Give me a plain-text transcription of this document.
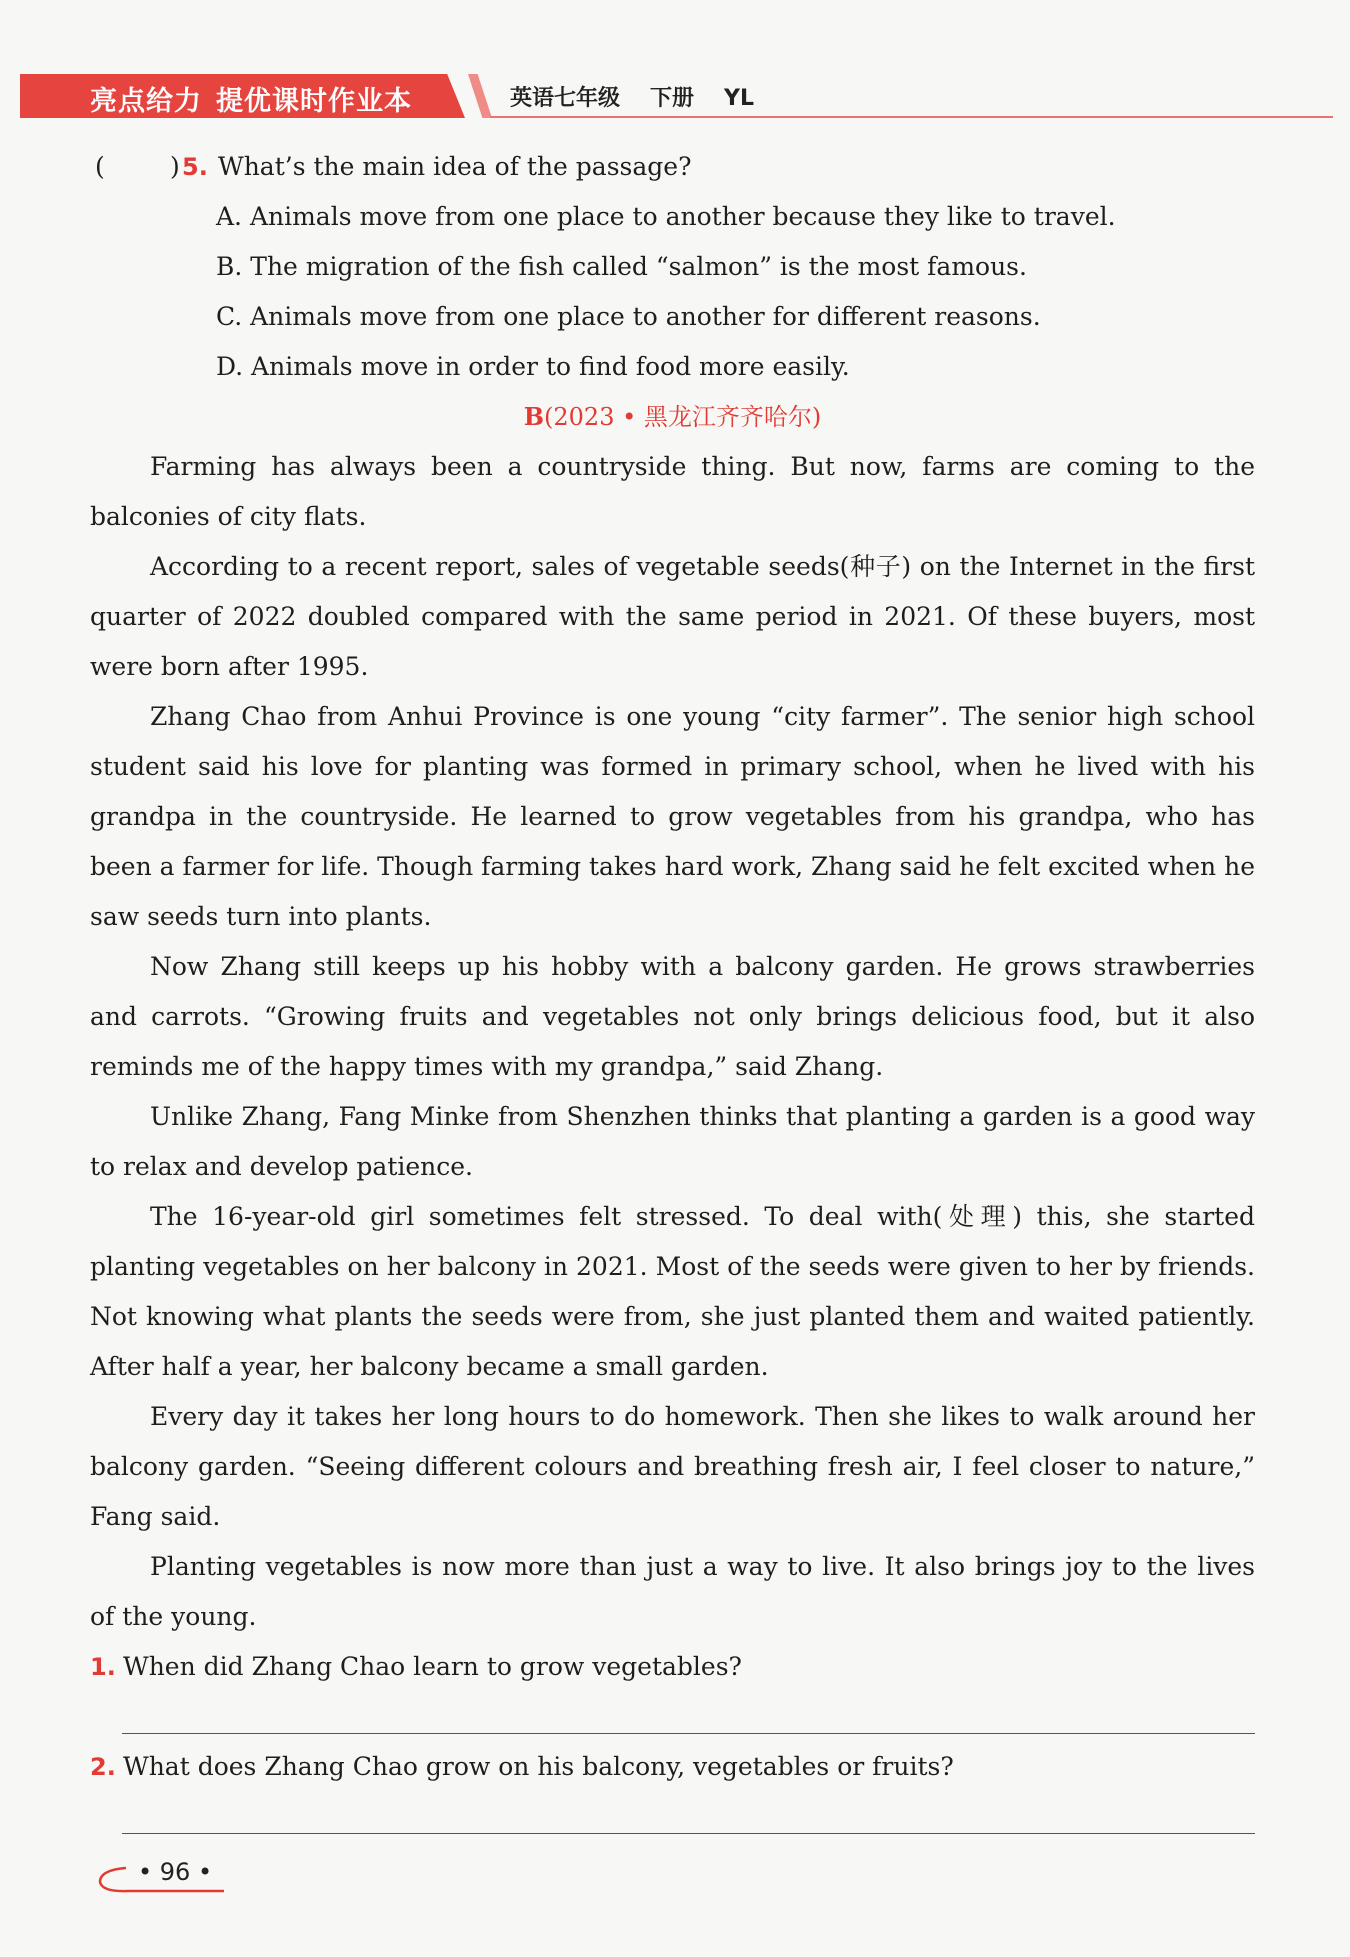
亮点给力 提优课时作业本	英语七年级 下册 YL
(	) 5. What’s the main idea of the passage?
A. Animals move from one place to another because they like to travel.
B. The migration of the fish called “salmon” is the most famous.
C. Animals move from one place to another for different reasons.
D. Animals move in order to find food more easily.
B(2023 • 黑龙江齐齐哈尔)

Farming has always been a countryside thing. But now, farms are coming to the balconies of city flats.

According to a recent report, sales of vegetable seeds(种子) on the Internet in the first quarter of 2022 doubled compared with the same period in 2021. Of these buyers, most were born after 1995.

Zhang Chao from Anhui Province is one young “city farmer”. The senior high school student said his love for planting was formed in primary school, when he lived with his grandpa in the countryside. He learned to grow vegetables from his grandpa, who has been a farmer for life. Though farming takes hard work, Zhang said he felt excited when he saw seeds turn into plants.

Now Zhang still keeps up his hobby with a balcony garden. He grows strawberries and carrots. “Growing fruits and vegetables not only brings delicious food, but it also reminds me of the happy times with my grandpa,” said Zhang.

Unlike Zhang, Fang Minke from Shenzhen thinks that planting a garden is a good way to relax and develop patience.

The 16-year-old girl sometimes felt stressed. To deal with(处理) this, she started planting vegetables on her balcony in 2021. Most of the seeds were given to her by friends. Not knowing what plants the seeds were from, she just planted them and waited patiently. After half a year, her balcony became a small garden.

Every day it takes her long hours to do homework. Then she likes to walk around her balcony garden. “Seeing different colours and breathing fresh air, I feel closer to nature,” Fang said.

Planting vegetables is now more than just a way to live. It also brings joy to the lives of the young.

1. When did Zhang Chao learn to grow vegetables?
2. What does Zhang Chao grow on his balcony, vegetables or fruits?
• 96 •
